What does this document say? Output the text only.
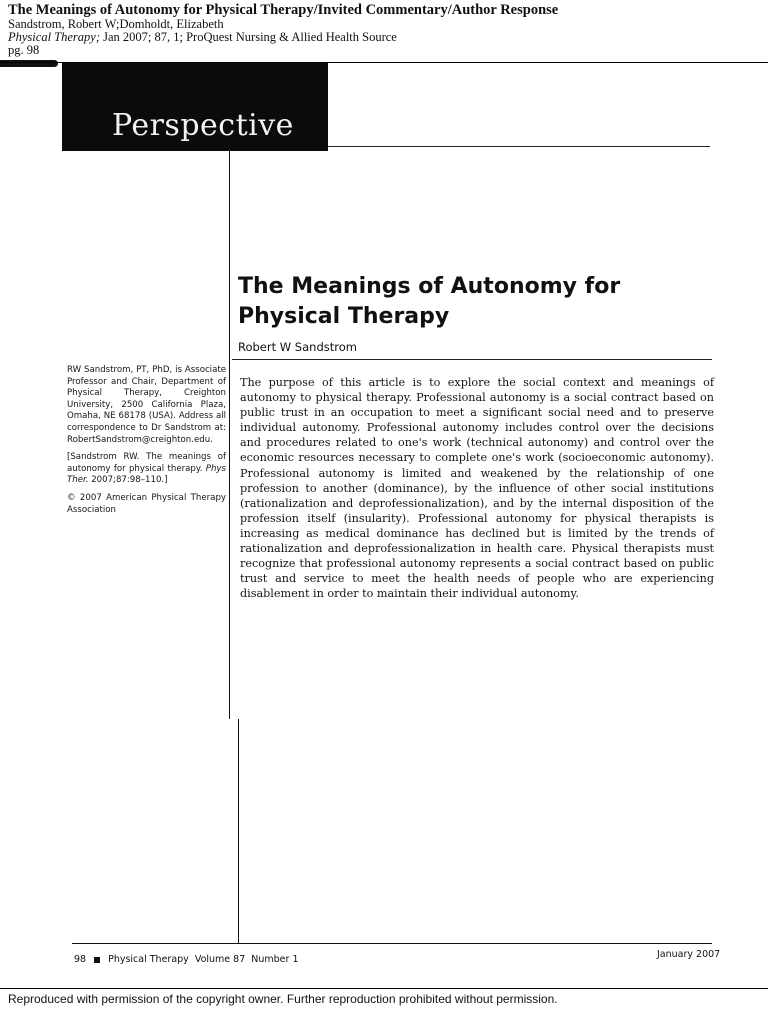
The Meanings of Autonomy for Physical Therapy/Invited Commentary/Author Response
Sandstrom, Robert W;Domholdt, Elizabeth
Physical Therapy; Jan 2007; 87, 1; ProQuest Nursing & Allied Health Source
pg. 98
Perspective
The Meanings of Autonomy for
Physical Therapy
Robert W Sandstrom
The purpose of this article is to explore the social context and meanings of autonomy to physical therapy. Professional autonomy is a social contract based on public trust in an occupation to meet a significant social need and to preserve individual autonomy. Professional autonomy includes control over the decisions and procedures related to one's work (technical autonomy) and control over the economic resources necessary to complete one's work (socioeconomic autonomy). Professional autonomy is limited and weakened by the relationship of one profession to another (dominance), by the influence of other social institutions (rationalization and deprofessionalization), and by the internal disposition of the profession itself (insularity). Professional autonomy for physical therapists is increasing as medical dominance has declined but is limited by the trends of rationalization and deprofessionalization in health care. Physical therapists must recognize that professional autonomy represents a social contract based on public trust and service to meet the health needs of people who are experiencing disablement in order to maintain their individual autonomy.

RW Sandstrom, PT, PhD, is Associate Professor and Chair, Department of Physical Therapy, Creighton University, 2500 California Plaza, Omaha, NE 68178 (USA). Address all correspondence to Dr Sandstrom at: RobertSandstrom@creighton.edu.

[Sandstrom RW. The meanings of autonomy for physical therapy. Phys Ther. 2007;87:98–110.]

© 2007 American Physical Therapy Association

98 Physical Therapy Volume 87 Number 1	January 2007
Reproduced with permission of the copyright owner. Further reproduction prohibited without permission.
